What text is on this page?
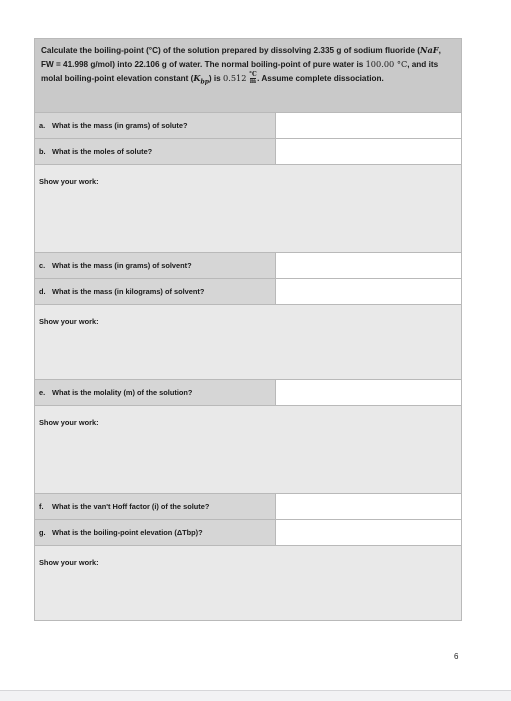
Calculate the boiling-point (°C) of the solution prepared by dissolving 2.335 g of sodium fluoride (NaF, FW = 41.998 g/mol) into 22.106 g of water. The normal boiling-point of pure water is 100.00 °C, and its molal boiling-point elevation constant $(K_{bp})$ is $0.512 \frac{^\circ C}{m}$ . Assume complete dissociation.
a. What is the mass (in grams) of solute?
b. What is the moles of solute?
Show your work:
c. What is the mass (in grams) of solvent?
d. What is the mass (in kilograms) of solvent?
Show your work:
e. What is the molality (m) of the solution?
Show your work:
f.	What is the van't Hoff factor (i) of the solute?
g. What is the boiling-point elevation (ΔTbp)?
Show your work:
6
